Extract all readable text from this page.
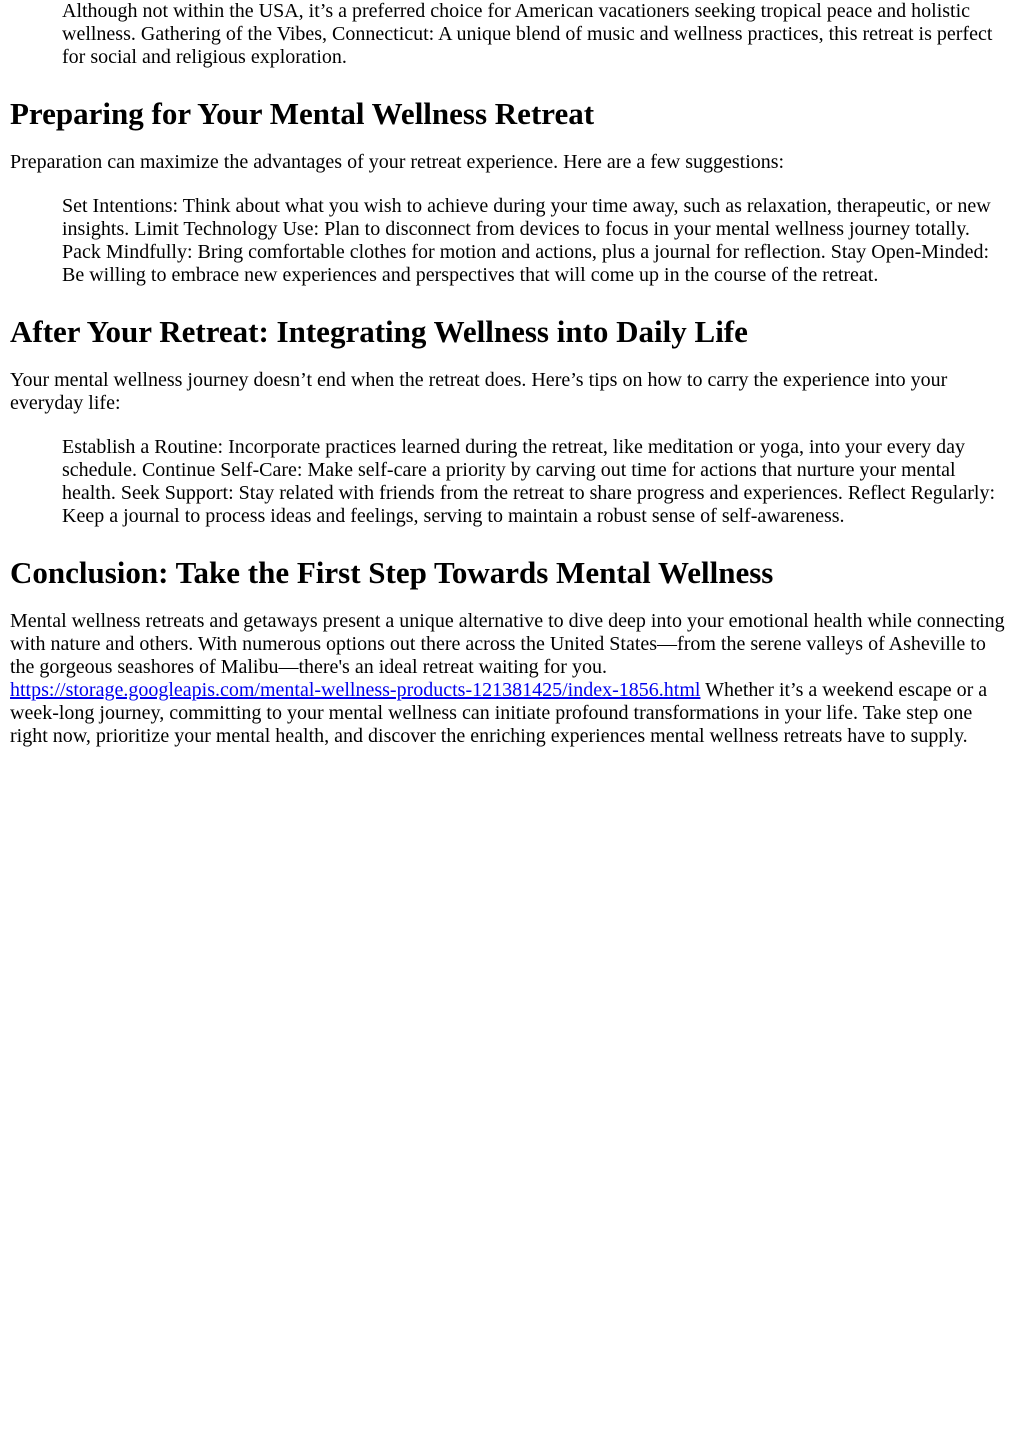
Although not within the USA, it’s a preferred choice for American vacationers seeking tropical peace and holistic wellness. Gathering of the Vibes, Connecticut: A unique blend of music and wellness practices, this retreat is perfect for social and religious exploration.

Preparing for Your Mental Wellness Retreat

Preparation can maximize the advantages of your retreat experience. Here are a few suggestions:

Set Intentions: Think about what you wish to achieve during your time away, such as relaxation, therapeutic, or new insights. Limit Technology Use: Plan to disconnect from devices to focus in your mental wellness journey totally. Pack Mindfully: Bring comfortable clothes for motion and actions, plus a journal for reflection. Stay Open-Minded: Be willing to embrace new experiences and perspectives that will come up in the course of the retreat.

After Your Retreat: Integrating Wellness into Daily Life

Your mental wellness journey doesn’t end when the retreat does. Here’s tips on how to carry the experience into your everyday life:

Establish a Routine: Incorporate practices learned during the retreat, like meditation or yoga, into your every day schedule. Continue Self-Care: Make self-care a priority by carving out time for actions that nurture your mental health. Seek Support: Stay related with friends from the retreat to share progress and experiences. Reflect Regularly: Keep a journal to process ideas and feelings, serving to maintain a robust sense of self-awareness.

Conclusion: Take the First Step Towards Mental Wellness

Mental wellness retreats and getaways present a unique alternative to dive deep into your emotional health while connecting with nature and others. With numerous options out there across the United States—from the serene valleys of Asheville to the gorgeous seashores of Malibu—there's an ideal retreat waiting for you.
https://storage.googleapis.com/mental-wellness-products-121381425/index-1856.html Whether it’s a weekend escape or a week-long journey, committing to your mental wellness can initiate profound transformations in your life. Take step one right now, prioritize your mental health, and discover the enriching experiences mental wellness retreats have to supply.
